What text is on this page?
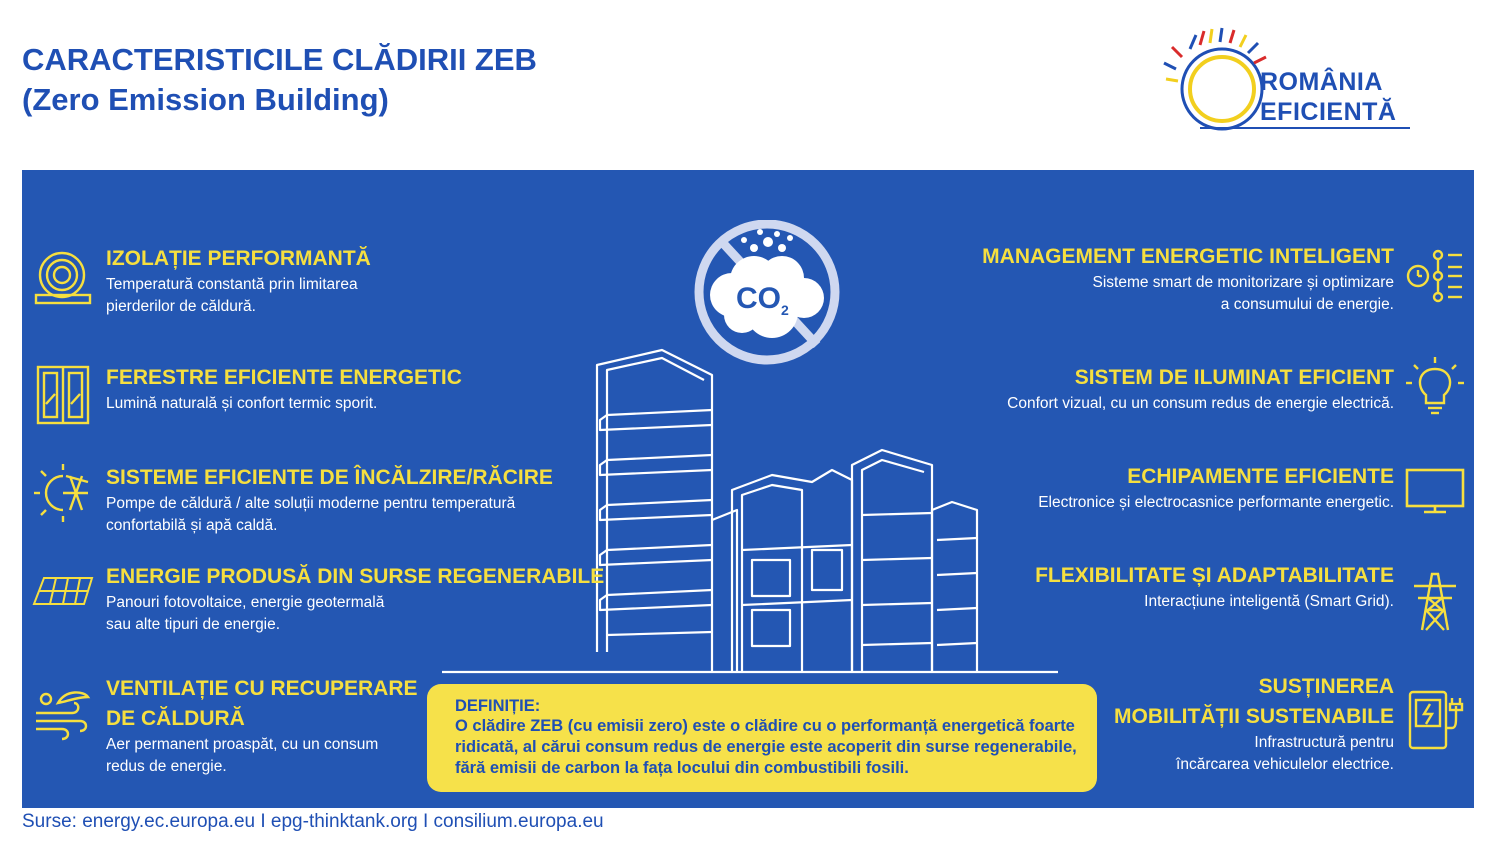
CARACTERISTICILE CLĂDIRII ZEB
(Zero Emission Building)	ROMÂNIA
EFICIENTĂ
$CO_2$
IZOLAȚIE PERFORMANTĂ

Temperatură constantă prin limitarea
pierderilor de căldură.

FERESTRE EFICIENTE ENERGETIC

Lumină naturală și confort termic sporit.

SISTEME EFICIENTE DE ÎNCĂLZIRE/RĂCIRE

Pompe de căldură / alte soluții moderne pentru temperatură
confortabilă și apă caldă.

ENERGIE PRODUSĂ DIN SURSE REGENERABILE

Panouri fotovoltaice, energie geotermală
sau alte tipuri de energie.

VENTILAȚIE CU RECUPERARE
DE CĂLDURĂ

Aer permanent proaspăt, cu un consum
redus de energie.

MANAGEMENT ENERGETIC INTELIGENT

Sisteme smart de monitorizare și optimizare
a consumului de energie.

SISTEM DE ILUMINAT EFICIENT

Confort vizual, cu un consum redus de energie electrică.

ECHIPAMENTE EFICIENTE

Electronice și electrocasnice performante energetic.

FLEXIBILITATE ȘI ADAPTABILITATE

Interacțiune inteligentă (Smart Grid).

SUSȚINEREA
MOBILITĂȚII SUSTENABILE

Infrastructură pentru
încărcarea vehiculelor electrice.

DEFINIȚIE:
O clădire ZEB (cu emisii zero) este o clădire cu o performanță energetică foarte ridicată, al cărui consum redus de energie este acoperit din surse regenerabile, fără emisii de carbon la fața locului din combustibili fosili.
Surse: energy.ec.europa.eu I epg-thinktank.org I consilium.europa.eu
